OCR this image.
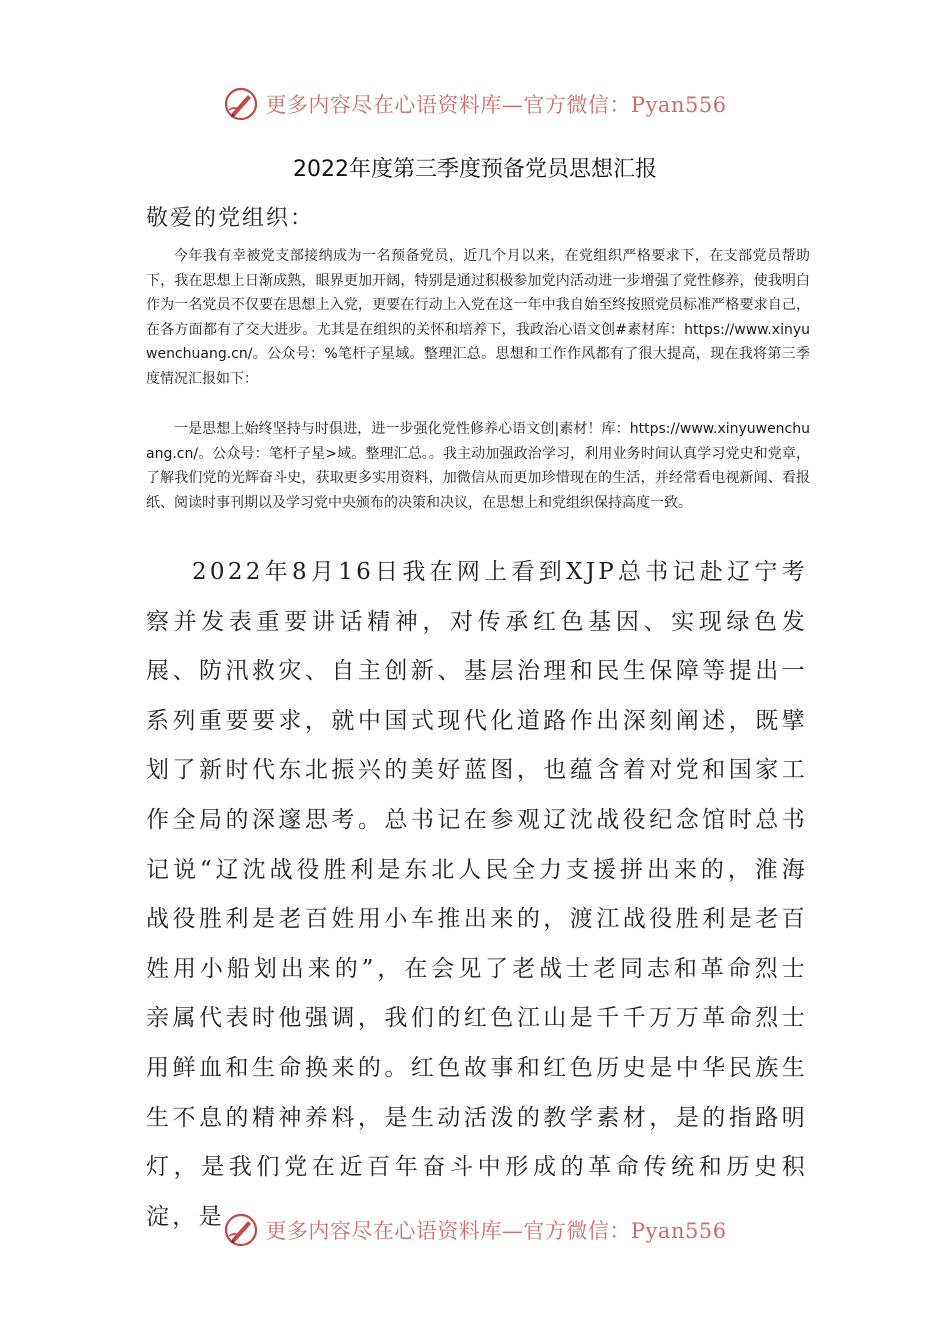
更多内容尽在心语资料库—官方微信：Pyan556
2022年度第三季度预备党员思想汇报
敬爱的党组织：

今年我有幸被党支部接纳成为一名预备党员，近几个月以来，在党组织严格要求下，在支部党员帮助下，我在思想上日渐成熟，眼界更加开阔，特别是通过积极参加党内活动进一步增强了党性修养，使我明白作为一名党员不仅要在思想上入党，更要在行动上入党在这一年中我自始至终按照党员标准严格要求自己，在各方面都有了交大进步。尤其是在组织的关怀和培养下，我政治心语文创#素材库：https://www.xinyuwenchuang.cn/。公众号：%笔杆子星域。整理汇总。思想和工作作风都有了很大提高，现在我将第三季度情况汇报如下：

一是思想上始终坚持与时俱进，进一步强化党性修养心语文创|素材！库：https://www.xinyuwenchuang.cn/。公众号：笔杆子星>域。整理汇总。。我主动加强政治学习，利用业务时间认真学习党史和党章，了解我们党的光辉奋斗史，获取更多实用资料，加微信从而更加珍惜现在的生活，并经常看电视新闻、看报纸、阅读时事刊期以及学习党中央颁布的决策和决议，在思想上和党组织保持高度一致。

2022年8月16日我在网上看到XJP总书记赴辽宁考察并发表重要讲话精神，对传承红色基因、实现绿色发展、防汛救灾、自主创新、基层治理和民生保障等提出一系列重要要求，就中国式现代化道路作出深刻阐述，既擘划了新时代东北振兴的美好蓝图，也蕴含着对党和国家工作全局的深邃思考。总书记在参观辽沈战役纪念馆时总书记说“辽沈战役胜利是东北人民全力支援拼出来的，淮海战役胜利是老百姓用小车推出来的，渡江战役胜利是老百姓用小船划出来的”，在会见了老战士老同志和革命烈士亲属代表时他强调，我们的红色江山是千千万万革命烈士用鲜血和生命换来的。红色故事和红色历史是中华民族生生不息的精神养料，是生动活泼的教学素材，是的指路明灯，是我们党在近百年奋斗中形成的革命传统和历史积淀，是

更多内容尽在心语资料库—官方微信：Pyan556
